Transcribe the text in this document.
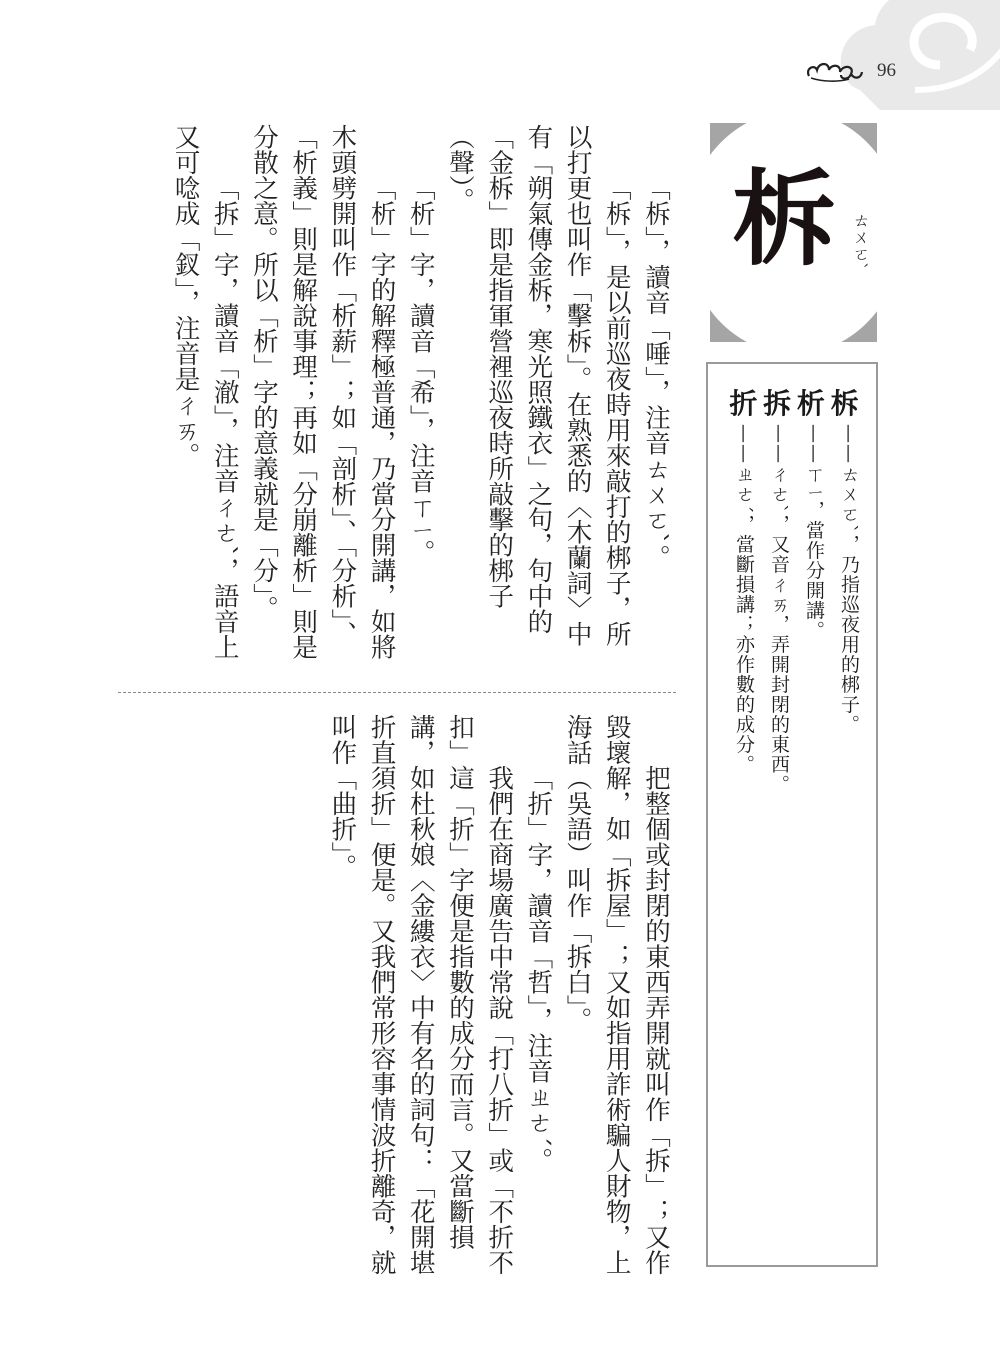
96
柝 ㄊㄨㄛˋ
柝
析
拆
折
——ㄊㄨㄛˋ，乃指巡夜用的梆子。
——ㄒㄧ，當作分開講。
——ㄔㄜˋ，又音ㄔㄞ，弄開封閉的東西。
——ㄓㄜˊ，當斷損講；亦作數的成分。

「柝」，讀音「唾」，注音ㄊㄨㄛˋ。

「柝」，是以前巡夜時用來敲打的梆子，所以打更也叫作「擊柝」。在熟悉的〈木蘭詞〉中有「朔氣傳金柝，寒光照鐵衣」之句，句中的「金柝」即是指軍營裡巡夜時所敲擊的梆子（聲）。

「析」字，讀音「希」，注音ㄒㄧ。

「析」字的解釋極普通，乃當分開講，如將木頭劈開叫作「析薪」；如「剖析」、「分析」、「析義」則是解說事理；再如「分崩離析」則是分散之意。所以「析」字的意義就是「分」。

「拆」字，讀音「澈」，注音ㄔㄜˋ，語音上又可唸成「釵」，注音是ㄔㄞ。

把整個或封閉的東西弄開就叫作「拆」；又作毀壞解，如「拆屋」；又如指用詐術騙人財物，上海話（吳語）叫作「拆白」。

「折」字，讀音「哲」，注音ㄓㄜˊ。

我們在商場廣告中常說「打八折」或「不折不扣」這「折」字便是指數的成分而言。又當斷損講，如杜秋娘〈金縷衣〉中有名的詞句：「花開堪折直須折」便是。又我們常形容事情波折離奇，就叫作「曲折」。
